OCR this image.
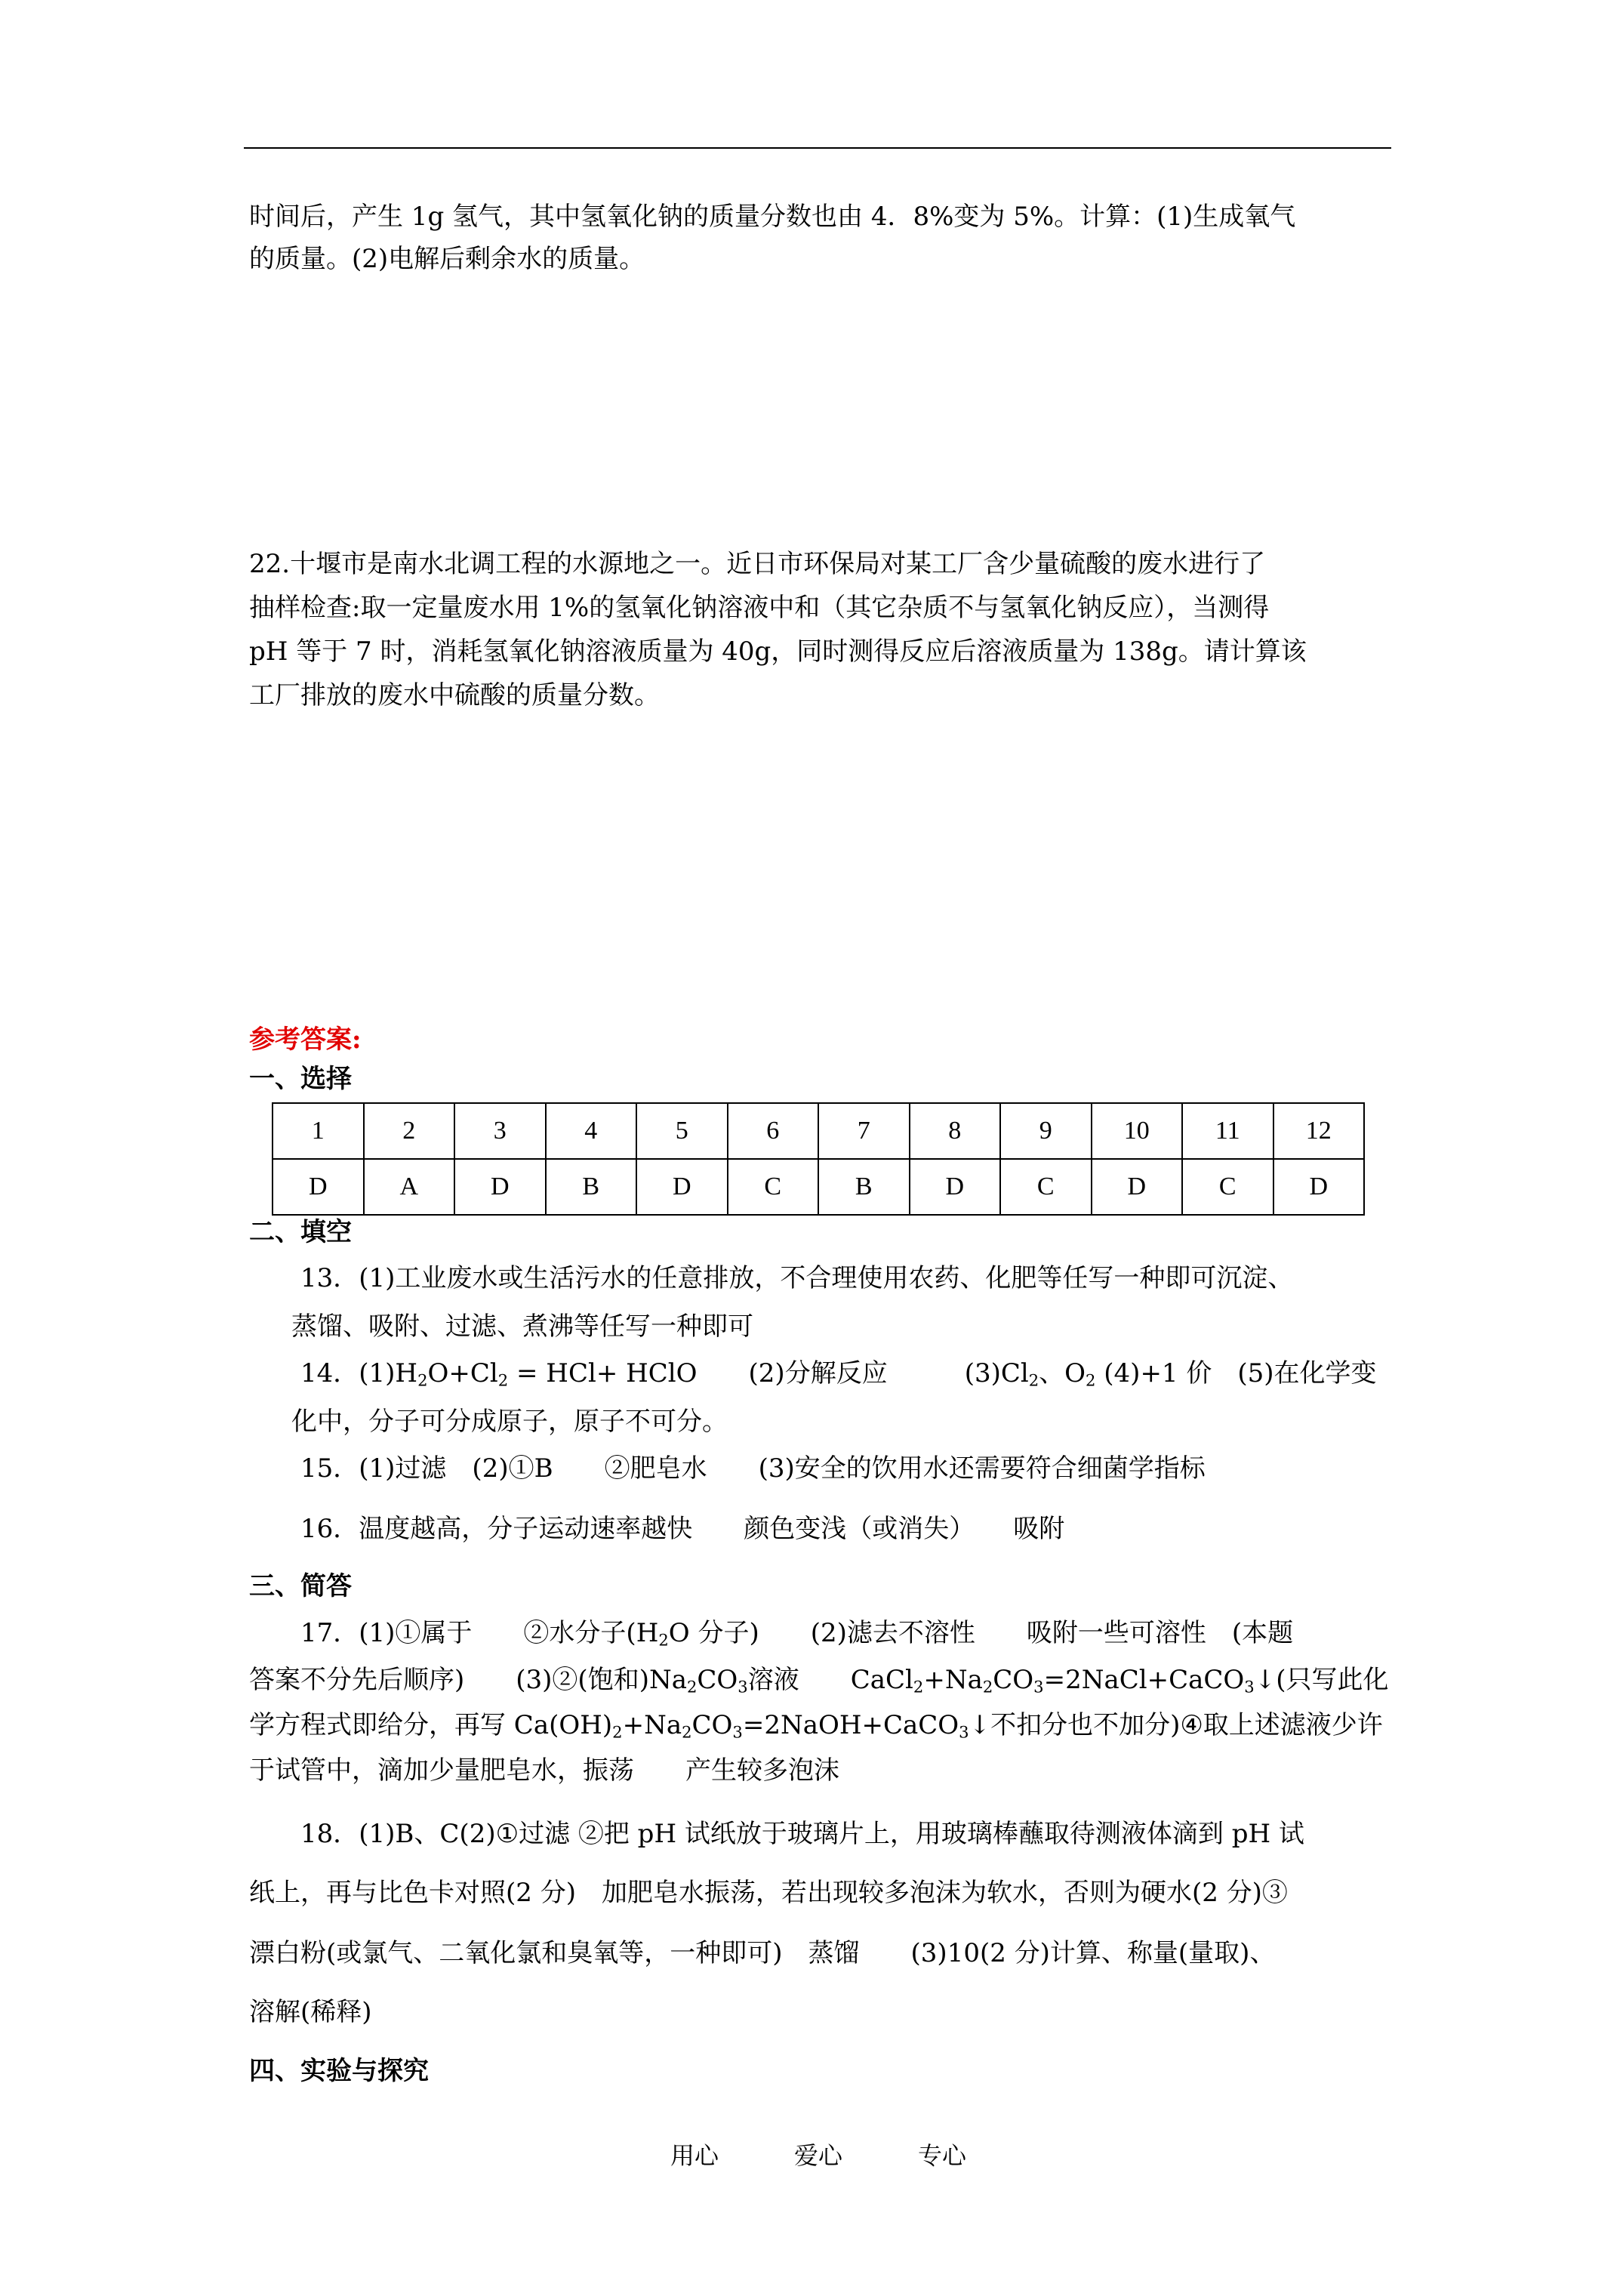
时间后，产生 1g 氢气，其中氢氧化钠的质量分数也由 4．8%变为 5%。计算：(1)生成氧气
的质量。(2)电解后剩余水的质量。
22.十堰市是南水北调工程的水源地之一。近日市环保局对某工厂含少量硫酸的废水进行了
抽样检查:取一定量废水用 1%的氢氧化钠溶液中和（其它杂质不与氢氧化钠反应），当测得
pH 等于 7 时，消耗氢氧化钠溶液质量为 40g，同时测得反应后溶液质量为 138g。请计算该
工厂排放的废水中硫酸的质量分数。
参考答案:
一、选择
1	2	3	4	5	6	7	8	9	10	11	12
D	A	D	B	D	C	B	D	C	D	C	D
二、填空
13．(1)工业废水或生活污水的任意排放，不合理使用农药、化肥等任写一种即可沉淀、
蒸馏、吸附、过滤、煮沸等任写一种即可
14．$(1)H_2O+Cl_2 = HCl+$ HClO　　(2)分解反应　　　$(3)Cl_2$、$O_2$ (4)+1 价　(5)在化学变
化中，分子可分成原子，原子不可分。
15．(1)过滤　(2)①B　　②肥皂水　　(3)安全的饮用水还需要符合细菌学指标
16．温度越高，分子运动速率越快　　颜色变浅（或消失）　　吸附
三、简答
17．(1)①属于　　②水分子($H_2O$ 分子)　　(2)滤去不溶性　　吸附一些可溶性　(本题
答案不分先后顺序)　　(3)②(饱和)$Na_2CO_3$溶液　　$CaCl_2+Na_2CO_3=2NaCl+CaCO_3↓$(只写此化
学方程式即给分，再写 $Ca(OH)_2+Na_2CO_3=2NaOH+CaCO_3↓$不扣分也不加分)④取上述滤液少许
于试管中，滴加少量肥皂水，振荡　　产生较多泡沫
18．(1)B、C(2)①过滤 ②把 pH 试纸放于玻璃片上，用玻璃棒蘸取待测液体滴到 pH 试
纸上，再与比色卡对照(2 分)　加肥皂水振荡，若出现较多泡沫为软水，否则为硬水(2 分)③
漂白粉(或氯气、二氧化氯和臭氧等，一种即可)　蒸馏　　(3)10(2 分)计算、称量(量取)、
溶解(稀释)
四、实验与探究
用心	爱心	专心
